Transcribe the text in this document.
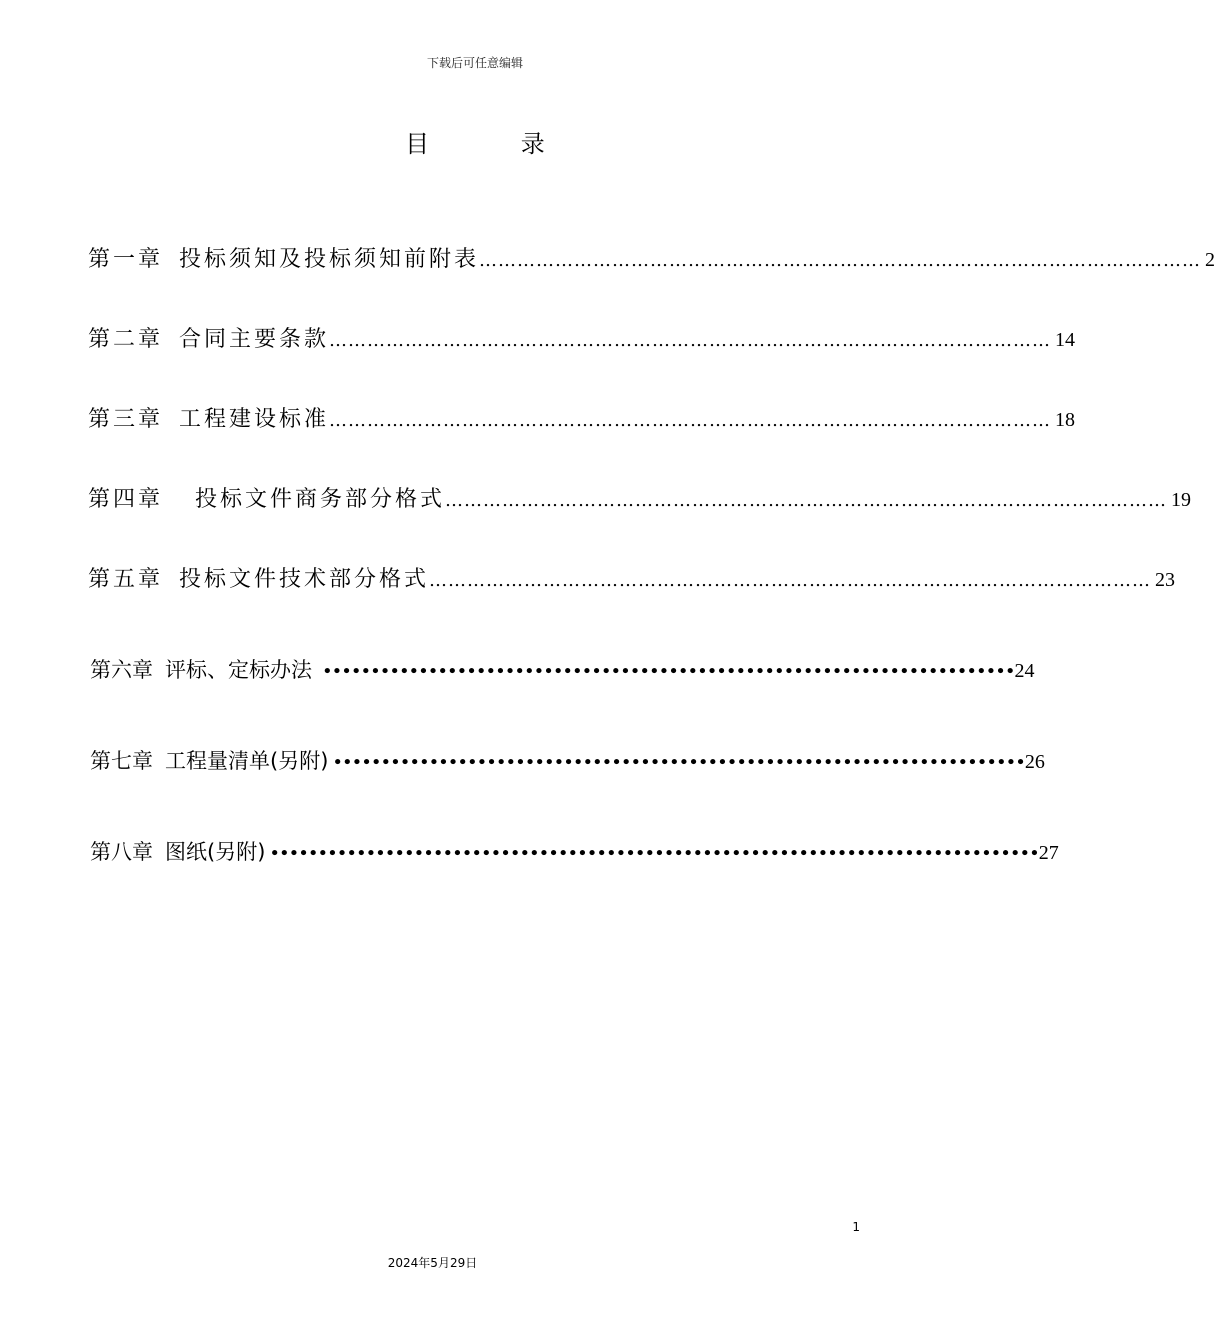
下载后可任意编辑
目 录
第一章 投标须知及投标须知前附表 …………………………………………………………………………………………………… 2
第二章 合同主要条款 …………………………………………………………………………………………………… 14
第三章 工程建设标准 …………………………………………………………………………………………………… 18
第四章 投标文件商务部分格式 …………………………………………………………………………………………………… 19
第五章 投标文件技术部分格式 …………………………………………………………………………………………………… 23
第六章 评标、定标办法 •••••••••••••••••••••••••••••••••••••••••••••••••••••••••••••••••••••••• 24
第七章 工程量清单(另附) •••••••••••••••••••••••••••••••••••••••••••••••••••••••••••••••••••••••• 26
第八章 图纸(另附) •••••••••••••••••••••••••••••••••••••••••••••••••••••••••••••••••••••••••••••••• 27
1
2024年5月29日
